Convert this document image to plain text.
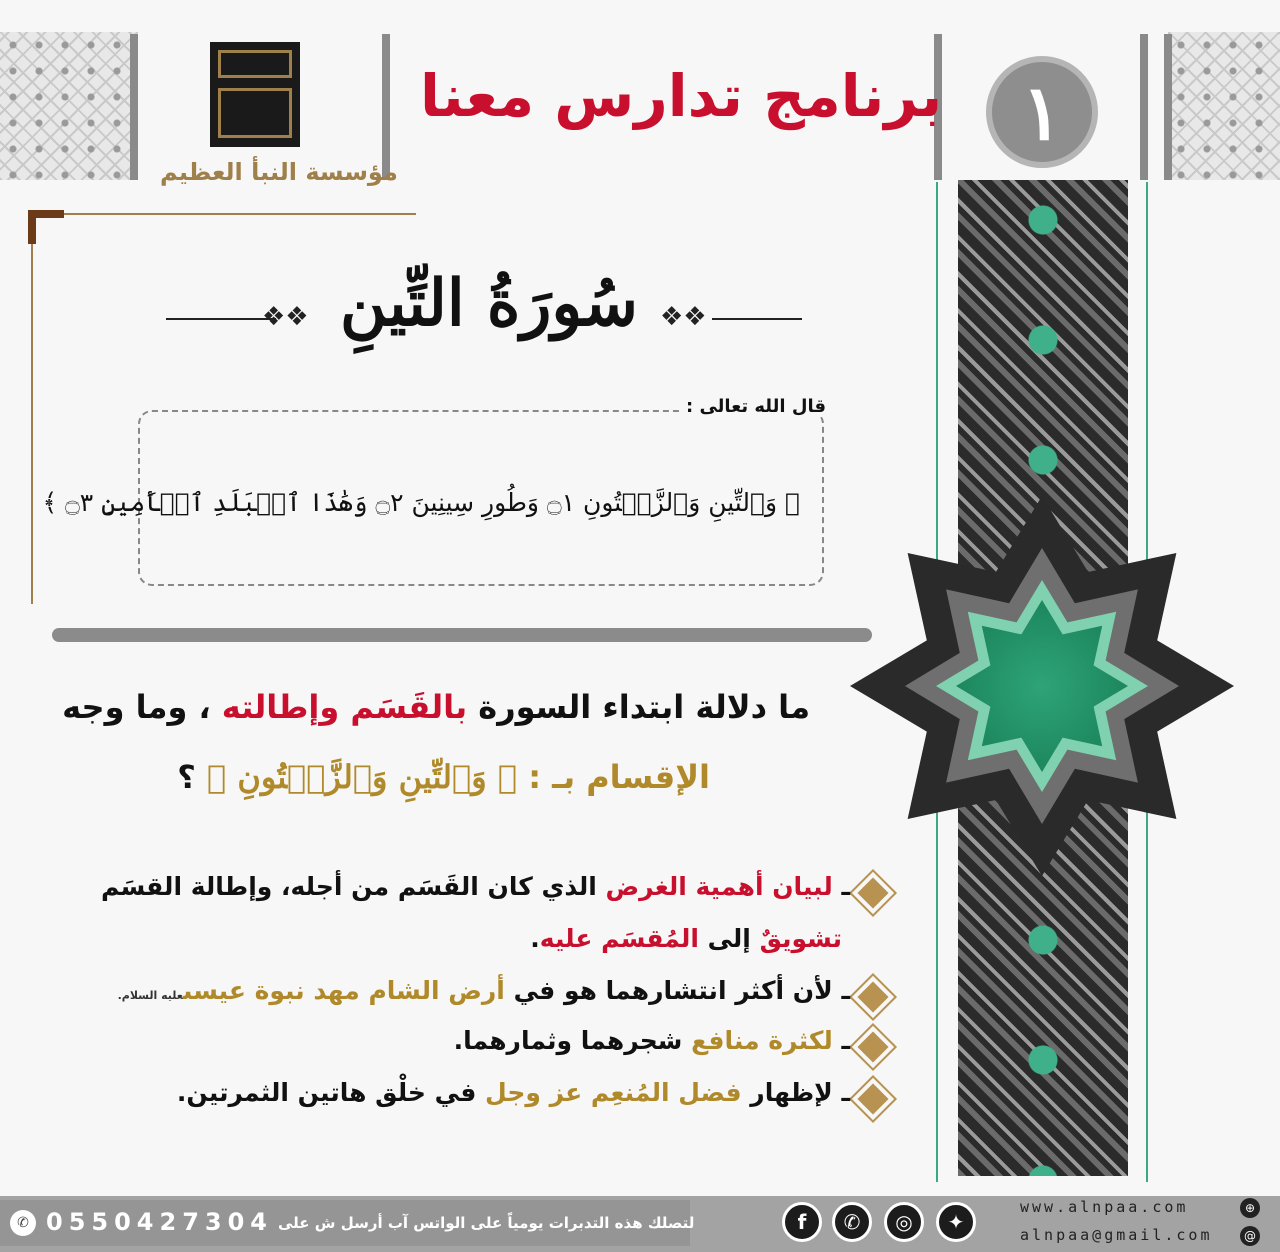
مؤسسة النبأ العظيم
برنامج تدارس معنا	١
❖❖ سُورَةُ التِّينِ ❖❖
قال الله تعالى :
﴿ وَٱلتِّينِ وَٱلزَّيۡتُونِ ۝١ وَطُورِ سِينِينَ ۝٢ وَهَٰذَا ٱلۡبَلَدِ ٱلۡأَمِينِ ۝٣ ﴾
ما دلالة ابتداء السورة بالقَسَم وإطالته ، وما وجه
الإقسام بـ : ﴿ وَٱلتِّينِ وَٱلزَّيۡتُونِ ﴾ ؟
ـ لبيان أهمية الغرض الذي كان القَسَم من أجله، وإطالة القسَم
تشويقٌ إلى المُقسَم عليه.
ـ لأن أكثر انتشارهما هو في أرض الشام مهد نبوة عيسىعليه السلام.
ـ لكثرة منافع شجرهما وثمارهما.
ـ لإظهار فضل المُنعِم عز وجل في خلْق هاتين الثمرتين.
✆ 0550427304 لتصلك هذه التدبرات يومياً على الواتس آب أرسل ش على	f	✆	◎	✦
www.alnpaa.com	⊕
alnpaa@gmail.com	@
